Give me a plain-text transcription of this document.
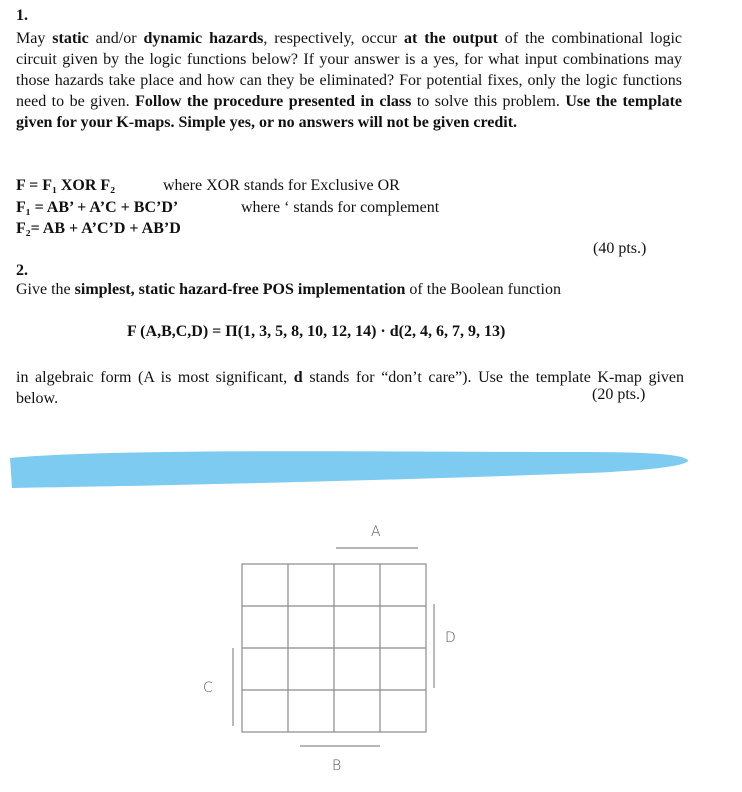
1.
May static and/or dynamic hazards, respectively, occur at the output of the combinational logic circuit given by the logic functions below? If your answer is a yes, for what input combinations may those hazards take place and how can they be eliminated? For potential fixes, only the logic functions need to be given. Follow the procedure presented in class to solve this problem. Use the template given for your K-maps. Simple yes, or no answers will not be given credit.
F = F₁ XOR F₂	where XOR stands for Exclusive OR
F₁ = AB’ + A’C + BC’D’	where ‘ stands for complement
F₂= AB + A’C’D + AB’D
(40 pts.)
2.
Give the simplest, static hazard-free POS implementation of the Boolean function
F (A,B,C,D) = Π(1, 3, 5, 8, 10, 12, 14) · d(2, 4, 6, 7, 9, 13)
in algebraic form (A is most significant, d stands for “don’t care”). Use the template K-map given below.	(20 pts.)
A
B
C
D
